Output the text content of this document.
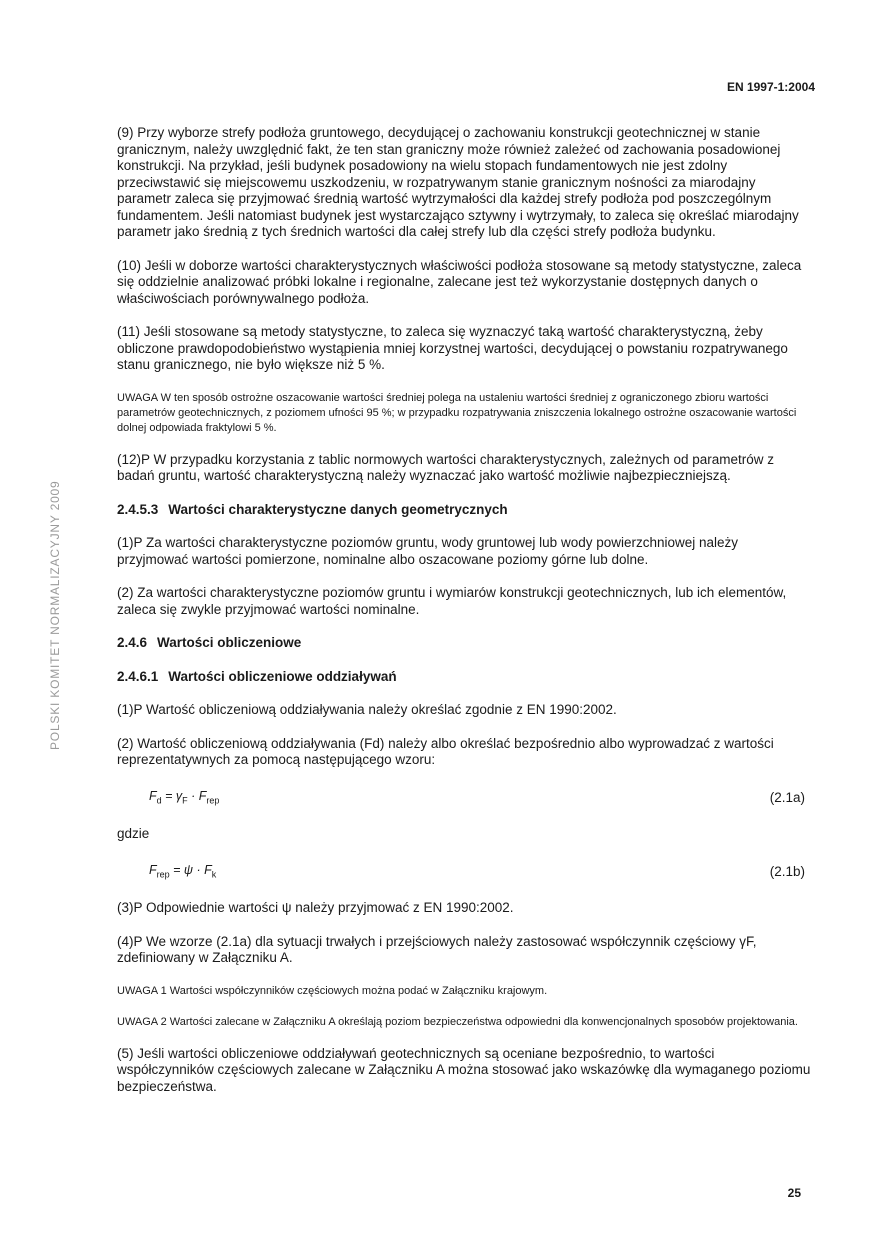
EN 1997-1:2004
POLSKI KOMITET NORMALIZACYJNY 2009

(9) Przy wyborze strefy podłoża gruntowego, decydującej o zachowaniu konstrukcji geotechnicznej w stanie granicznym, należy uwzględnić fakt, że ten stan graniczny może również zależeć od zachowania posadowionej konstrukcji. Na przykład, jeśli budynek posadowiony na wielu stopach fundamentowych nie jest zdolny przeciwstawić się miejscowemu uszkodzeniu, w rozpatrywanym stanie granicznym nośności za miarodajny parametr zaleca się przyjmować średnią wartość wytrzymałości dla każdej strefy podłoża pod poszczególnym fundamentem. Jeśli natomiast budynek jest wystarczająco sztywny i wytrzymały, to zaleca się określać miarodajny parametr jako średnią z tych średnich wartości dla całej strefy lub dla części strefy podłoża budynku.

(10) Jeśli w doborze wartości charakterystycznych właściwości podłoża stosowane są metody statystyczne, zaleca się oddzielnie analizować próbki lokalne i regionalne, zalecane jest też wykorzystanie dostępnych danych o właściwościach porównywalnego podłoża.

(11) Jeśli stosowane są metody statystyczne, to zaleca się wyznaczyć taką wartość charakterystyczną, żeby obliczone prawdopodobieństwo wystąpienia mniej korzystnej wartości, decydującej o powstaniu rozpatrywanego stanu granicznego, nie było większe niż 5 %.

UWAGA W ten sposób ostrożne oszacowanie wartości średniej polega na ustaleniu wartości średniej z ograniczonego zbioru wartości parametrów geotechnicznych, z poziomem ufności 95 %; w przypadku rozpatrywania zniszczenia lokalnego ostrożne oszacowanie wartości dolnej odpowiada fraktylowi 5 %.

(12)P W przypadku korzystania z tablic normowych wartości charakterystycznych, zależnych od parametrów z badań gruntu, wartość charakterystyczną należy wyznaczać jako wartość możliwie najbezpieczniejszą.

2.4.5.3 Wartości charakterystyczne danych geometrycznych

(1)P Za wartości charakterystyczne poziomów gruntu, wody gruntowej lub wody powierzchniowej należy przyjmować wartości pomierzone, nominalne albo oszacowane poziomy górne lub dolne.

(2) Za wartości charakterystyczne poziomów gruntu i wymiarów konstrukcji geotechnicznych, lub ich elementów, zaleca się zwykle przyjmować wartości nominalne.

2.4.6 Wartości obliczeniowe
2.4.6.1 Wartości obliczeniowe oddziaływań

(1)P Wartość obliczeniową oddziaływania należy określać zgodnie z EN 1990:2002.

(2) Wartość obliczeniową oddziaływania (Fd) należy albo określać bezpośrednio albo wyprowadzać z wartości reprezentatywnych za pomocą następującego wzoru:

$F_d = \gamma_F \cdot F_{rep}$	(2.1a)

gdzie

$F_{rep} = \psi \cdot F_k$	(2.1b)

(3)P Odpowiednie wartości ψ należy przyjmować z EN 1990:2002.

(4)P We wzorze (2.1a) dla sytuacji trwałych i przejściowych należy zastosować współczynnik częściowy γF, zdefiniowany w Załączniku A.

UWAGA 1 Wartości współczynników częściowych można podać w Załączniku krajowym.

UWAGA 2 Wartości zalecane w Załączniku A określają poziom bezpieczeństwa odpowiedni dla konwencjonalnych sposobów projektowania.

(5) Jeśli wartości obliczeniowe oddziaływań geotechnicznych są oceniane bezpośrednio, to wartości współczynników częściowych zalecane w Załączniku A można stosować jako wskazówkę dla wymaganego poziomu bezpieczeństwa.

25
